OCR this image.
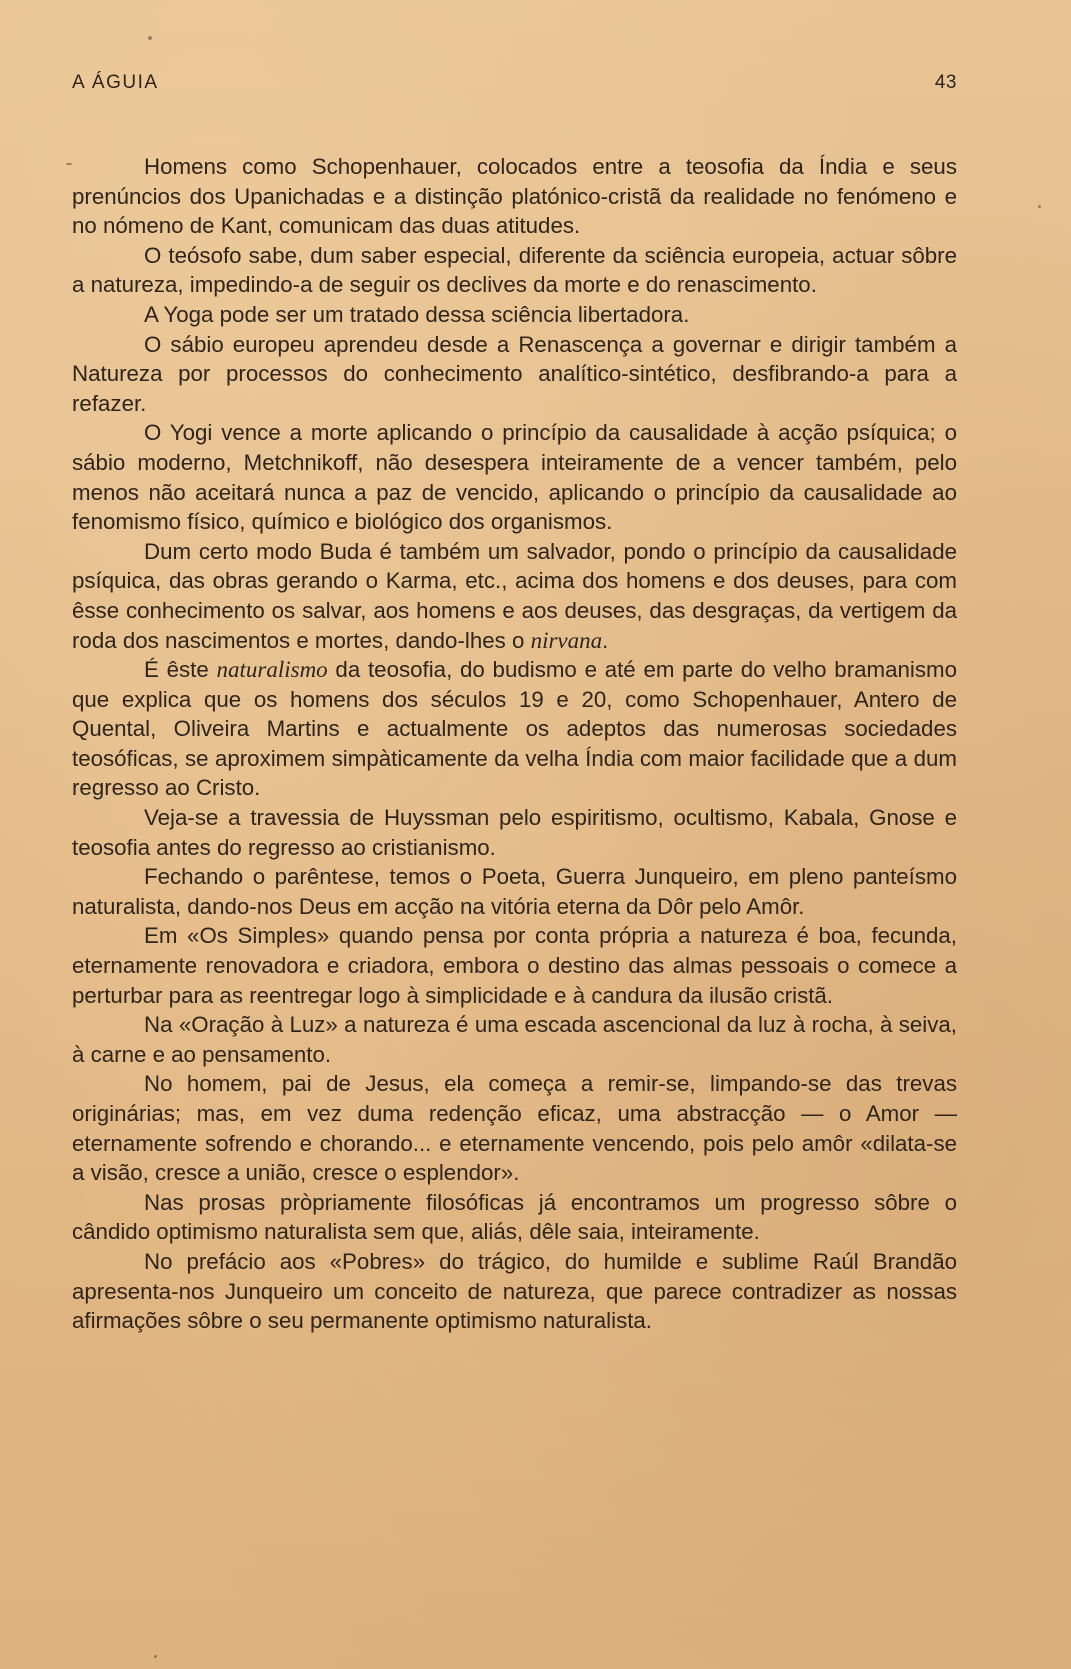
A ÁGUIA	43

Homens como Schopenhauer, colocados entre a teosofia da Índia e seus prenúncios dos Upanichadas e a distinção platónico-cristã da realidade no fenómeno e no nómeno de Kant, comunicam das duas atitudes.

O teósofo sabe, dum saber especial, diferente da sciência europeia, actuar sôbre a natureza, impedindo-a de seguir os declives da morte e do renascimento.

A Yoga pode ser um tratado dessa sciência libertadora.

O sábio europeu aprendeu desde a Renascença a governar e dirigir também a Natureza por processos do conhecimento analítico-sintético, desfibrando-a para a refazer.

O Yogi vence a morte aplicando o princípio da causalidade à acção psíquica; o sábio moderno, Metchnikoff, não desespera inteiramente de a vencer também, pelo menos não aceitará nunca a paz de vencido, aplicando o princípio da causalidade ao fenomismo físico, químico e biológico dos organismos.

Dum certo modo Buda é também um salvador, pondo o princípio da causalidade psíquica, das obras gerando o Karma, etc., acima dos homens e dos deuses, para com êsse conhecimento os salvar, aos homens e aos deuses, das desgraças, da vertigem da roda dos nascimentos e mortes, dando-lhes o nirvana.

É êste naturalismo da teosofia, do budismo e até em parte do velho bramanismo que explica que os homens dos séculos 19 e 20, como Schopenhauer, Antero de Quental, Oliveira Martins e actualmente os adeptos das numerosas sociedades teosóficas, se aproximem simpàticamente da velha Índia com maior facilidade que a dum regresso ao Cristo.

Veja-se a travessia de Huyssman pelo espiritismo, ocultismo, Kabala, Gnose e teosofia antes do regresso ao cristianismo.

Fechando o parêntese, temos o Poeta, Guerra Junqueiro, em pleno panteísmo naturalista, dando-nos Deus em acção na vitória eterna da Dôr pelo Amôr.

Em «Os Simples» quando pensa por conta própria a natureza é boa, fecunda, eternamente renovadora e criadora, embora o destino das almas pessoais o comece a perturbar para as reentregar logo à simplicidade e à candura da ilusão cristã.

Na «Oração à Luz» a natureza é uma escada ascencional da luz à rocha, à seiva, à carne e ao pensamento.

No homem, pai de Jesus, ela começa a remir-se, limpando-se das trevas originárias; mas, em vez duma redenção eficaz, uma abstracção — o Amor — eternamente sofrendo e chorando... e eternamente vencendo, pois pelo amôr «dilata-se a visão, cresce a união, cresce o esplendor».

Nas prosas pròpriamente filosóficas já encontramos um progresso sôbre o cândido optimismo naturalista sem que, aliás, dêle saia, inteiramente.

No prefácio aos «Pobres» do trágico, do humilde e sublime Raúl Brandão apresenta-nos Junqueiro um conceito de natureza, que parece contradizer as nossas afirmações sôbre o seu permanente optimismo naturalista.
